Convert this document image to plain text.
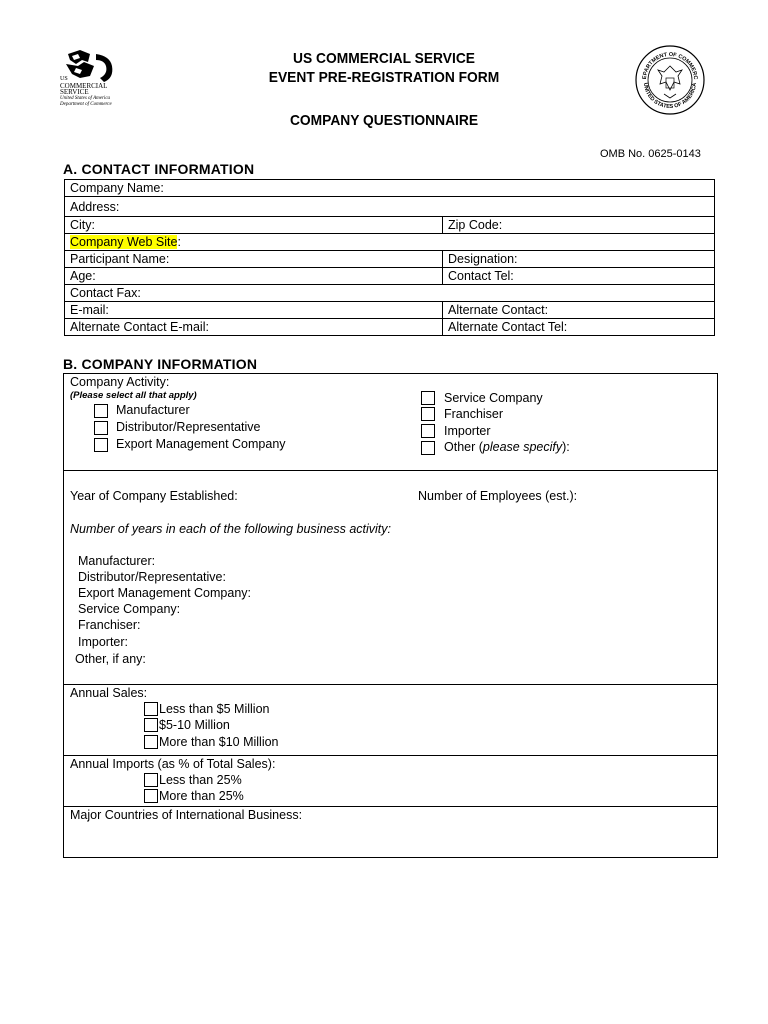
US
COMMERCIAL
SERVICE
United States of America
Department of Commerce
US COMMERCIAL SERVICE
EVENT PRE-REGISTRATION FORM
COMPANY QUESTIONNAIRE
EPARTMENT OF COMMERC
UNITED STATES OF AMERICA
OMB No. 0625-0143
A. CONTACT INFORMATION
Company Name:	
Address:	
City:	Zip Code:
Company Web Site:	
Participant Name:	Designation:
Age:	Contact Tel:
Contact Fax:	
E-mail:	Alternate Contact:
Alternate Contact E-mail:	Alternate Contact Tel:
B. COMPANY INFORMATION
Company Activity:
(Please select all that apply)
Manufacturer
Distributor/Representative
Export Management Company
Service Company
Franchiser
Importer
Other (please specify):
Year of Company Established:	Number of Employees (est.):
Number of years in each of the following business activity:
Manufacturer:
Distributor/Representative:
Export Management Company:
Service Company:
Franchiser:
Importer:
Other, if any:
Annual Sales:
Less than $5 Million
$5-10 Million
More than $10 Million
Annual Imports (as % of Total Sales):
Less than 25%
More than 25%
Major Countries of International Business:
